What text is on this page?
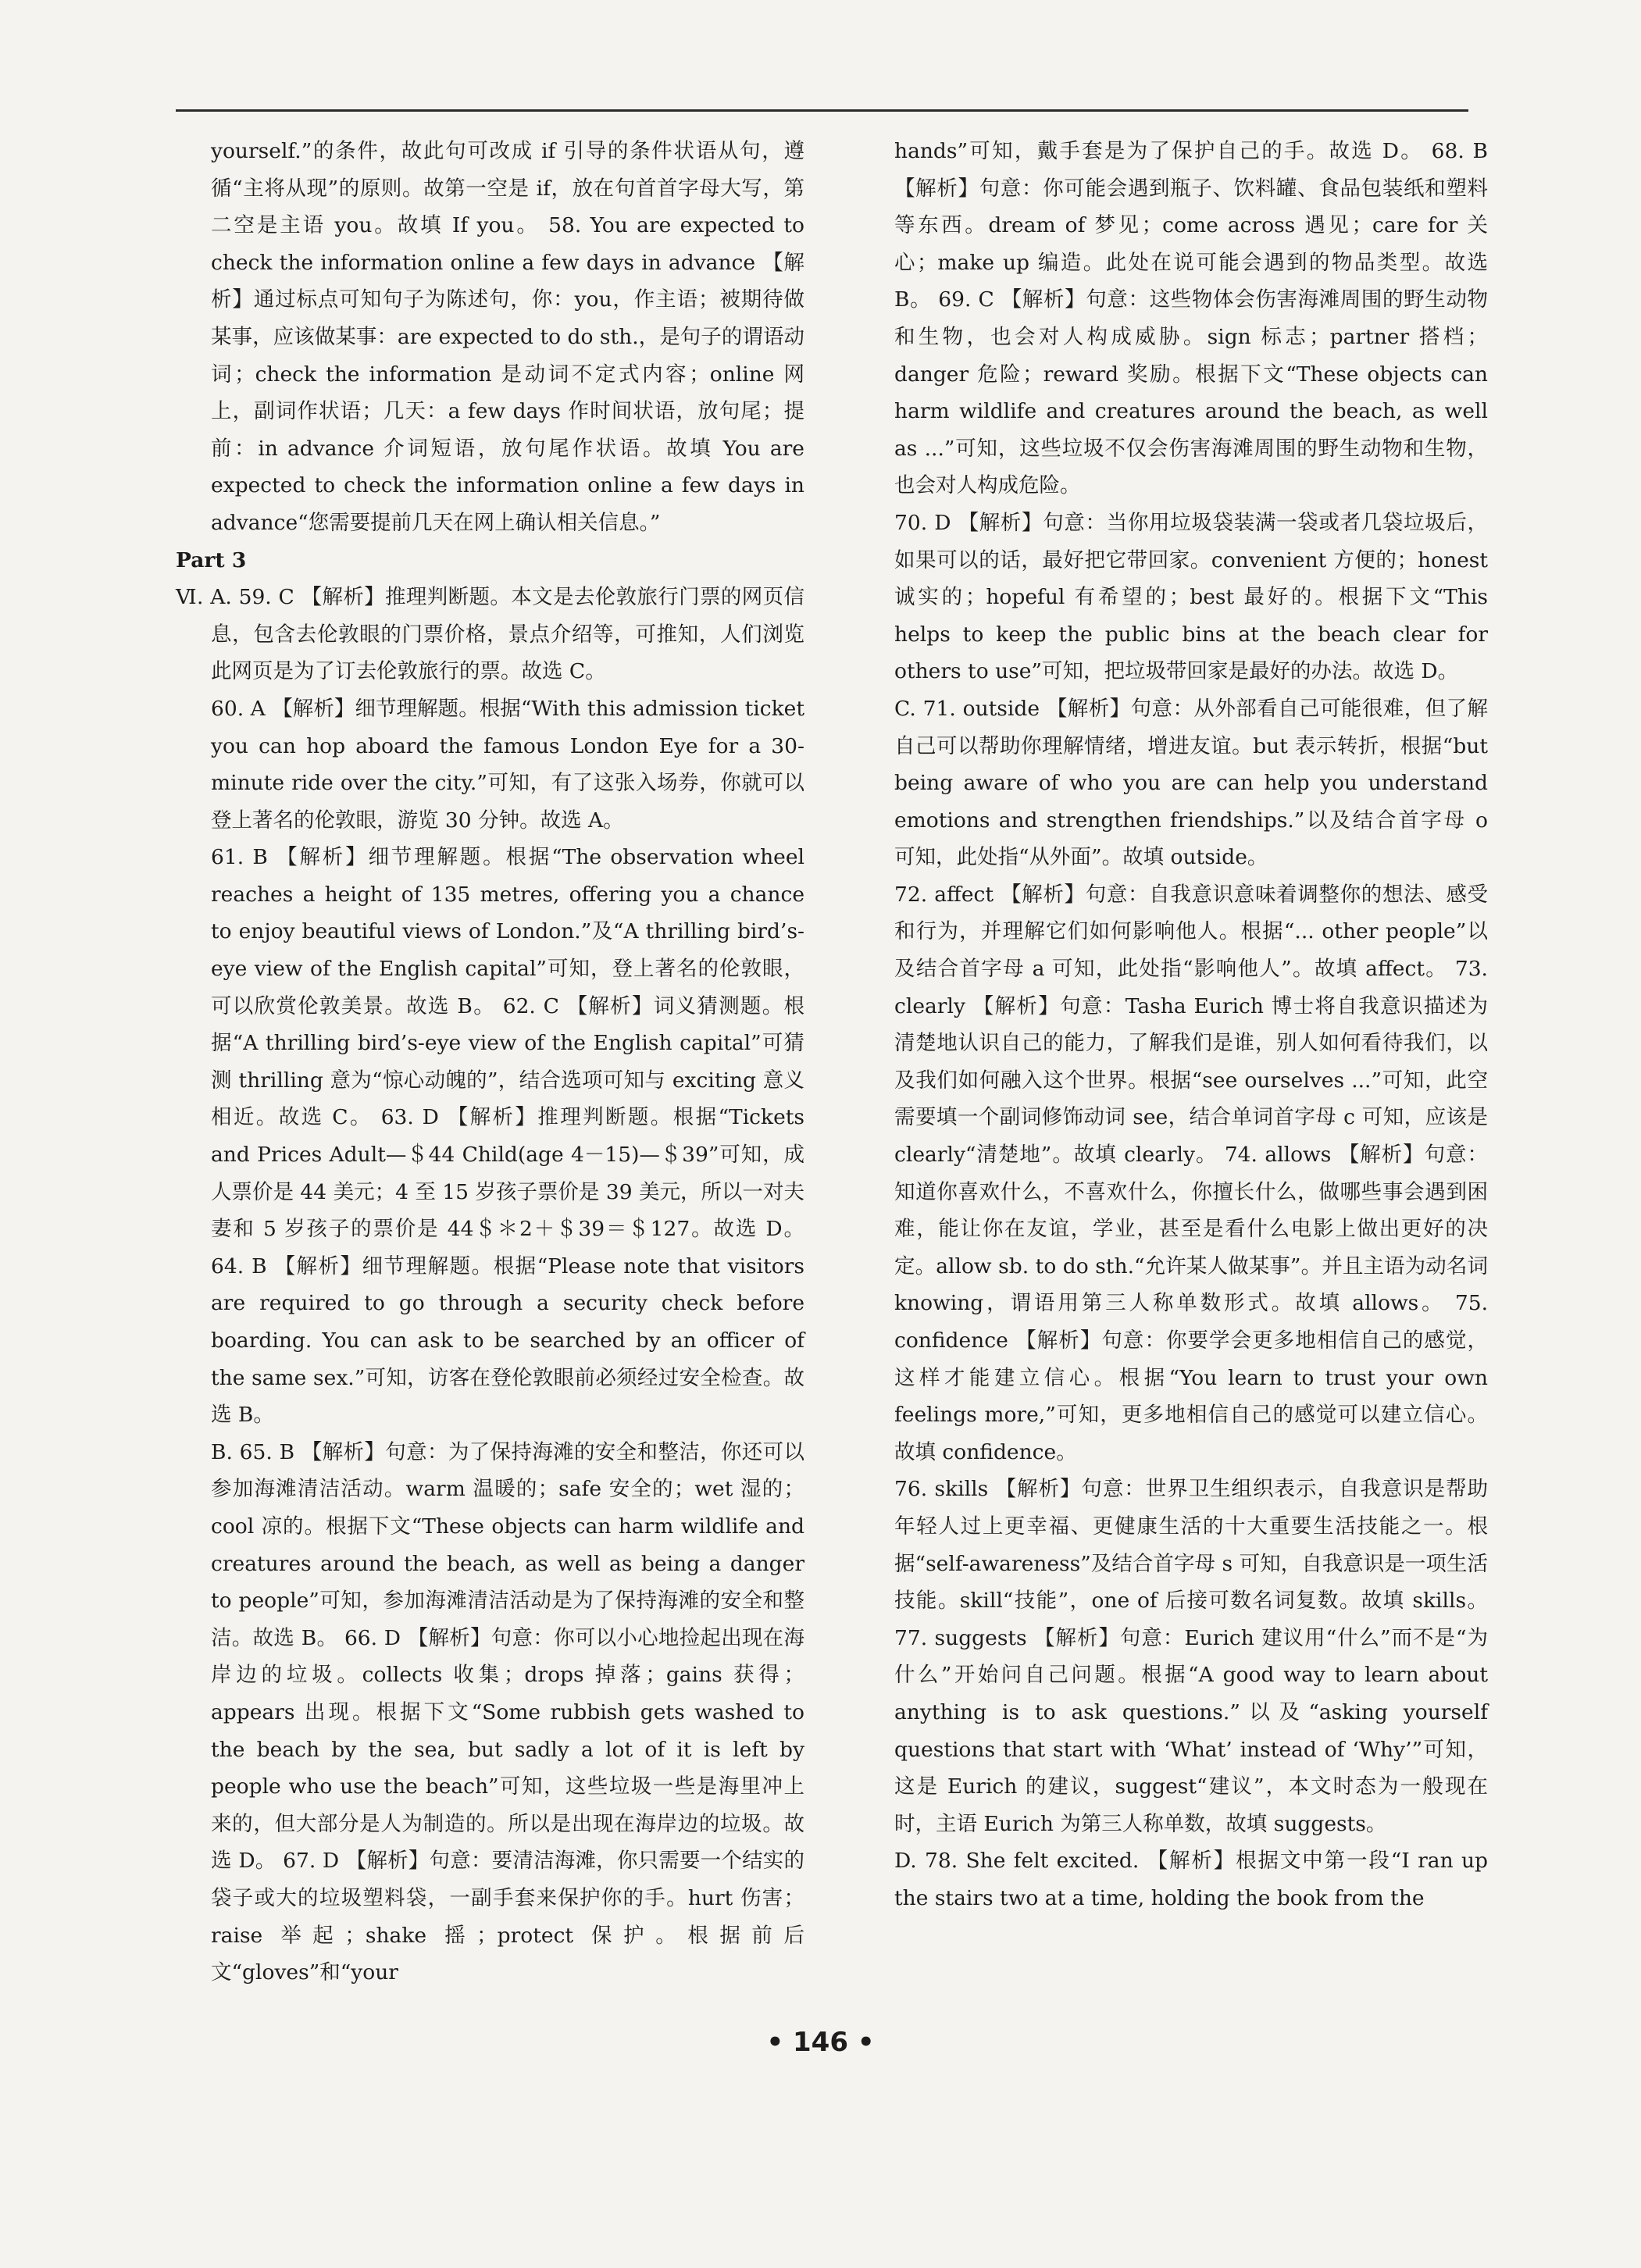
yourself.”的条件，故此句可改成 if 引导的条件状语从句，遵循“主将从现”的原则。故第一空是 if，放在句首首字母大写，第二空是主语 you。故填 If you。 58. You are expected to check the information online a few days in advance 【解析】通过标点可知句子为陈述句，你：you，作主语；被期待做某事，应该做某事：are expected to do sth.，是句子的谓语动词；check the information 是动词不定式内容；online 网上，副词作状语；几天：a few days 作时间状语，放句尾；提前：in advance 介词短语，放句尾作状语。故填 You are expected to check the information online a few days in advance“您需要提前几天在网上确认相关信息。”

Part 3

Ⅵ. A. 59. C 【解析】推理判断题。本文是去伦敦旅行门票的网页信息，包含去伦敦眼的门票价格，景点介绍等，可推知，人们浏览此网页是为了订去伦敦旅行的票。故选 C。

60. A 【解析】细节理解题。根据“With this admission ticket you can hop aboard the famous London Eye for a 30-minute ride over the city.”可知，有了这张入场券，你就可以登上著名的伦敦眼，游览 30 分钟。故选 A。

61. B 【解析】细节理解题。根据“The observation wheel reaches a height of 135 metres, offering you a chance to enjoy beautiful views of London.”及“A thrilling bird’s-eye view of the English capital”可知，登上著名的伦敦眼，可以欣赏伦敦美景。故选 B。 62. C 【解析】词义猜测题。根据“A thrilling bird’s-eye view of the English capital”可猜测 thrilling 意为“惊心动魄的”，结合选项可知与 exciting 意义相近。故选 C。 63. D 【解析】推理判断题。根据“Tickets and Prices Adult—＄44 Child(age 4－15)—＄39”可知，成人票价是 44 美元；4 至 15 岁孩子票价是 39 美元，所以一对夫妻和 5 岁孩子的票价是 44＄＊2＋＄39＝＄127。故选 D。 64. B 【解析】细节理解题。根据“Please note that visitors are required to go through a security check before boarding. You can ask to be searched by an officer of the same sex.”可知，访客在登伦敦眼前必须经过安全检查。故选 B。

B. 65. B 【解析】句意：为了保持海滩的安全和整洁，你还可以参加海滩清洁活动。warm 温暖的；safe 安全的；wet 湿的；cool 凉的。根据下文“These objects can harm wildlife and creatures around the beach, as well as being a danger to people”可知，参加海滩清洁活动是为了保持海滩的安全和整洁。故选 B。 66. D 【解析】句意：你可以小心地捡起出现在海岸边的垃圾。collects 收集；drops 掉落；gains 获得；appears 出现。根据下文“Some rubbish gets washed to the beach by the sea, but sadly a lot of it is left by people who use the beach”可知，这些垃圾一些是海里冲上来的，但大部分是人为制造的。所以是出现在海岸边的垃圾。故选 D。 67. D 【解析】句意：要清洁海滩，你只需要一个结实的袋子或大的垃圾塑料袋，一副手套来保护你的手。hurt 伤害；raise 举起；shake 摇；protect 保护。根据前后文“gloves”和“your

hands”可知，戴手套是为了保护自己的手。故选 D。 68. B 【解析】句意：你可能会遇到瓶子、饮料罐、食品包装纸和塑料等东西。dream of 梦见；come across 遇见；care for 关心；make up 编造。此处在说可能会遇到的物品类型。故选 B。 69. C 【解析】句意：这些物体会伤害海滩周围的野生动物和生物，也会对人构成威胁。sign 标志；partner 搭档；danger 危险；reward 奖励。根据下文“These objects can harm wildlife and creatures around the beach, as well as ...”可知，这些垃圾不仅会伤害海滩周围的野生动物和生物，也会对人构成危险。

70. D 【解析】句意：当你用垃圾袋装满一袋或者几袋垃圾后，如果可以的话，最好把它带回家。convenient 方便的；honest 诚实的；hopeful 有希望的；best 最好的。根据下文“This helps to keep the public bins at the beach clear for others to use”可知，把垃圾带回家是最好的办法。故选 D。

C. 71. outside 【解析】句意：从外部看自己可能很难，但了解自己可以帮助你理解情绪，增进友谊。but 表示转折，根据“but being aware of who you are can help you understand emotions and strengthen friendships.”以及结合首字母 o 可知，此处指“从外面”。故填 outside。

72. affect 【解析】句意：自我意识意味着调整你的想法、感受和行为，并理解它们如何影响他人。根据“... other people”以及结合首字母 a 可知，此处指“影响他人”。故填 affect。 73. clearly 【解析】句意：Tasha Eurich 博士将自我意识描述为清楚地认识自己的能力，了解我们是谁，别人如何看待我们，以及我们如何融入这个世界。根据“see ourselves ...”可知，此空需要填一个副词修饰动词 see，结合单词首字母 c 可知，应该是 clearly“清楚地”。故填 clearly。 74. allows 【解析】句意：知道你喜欢什么，不喜欢什么，你擅长什么，做哪些事会遇到困难，能让你在友谊，学业，甚至是看什么电影上做出更好的决定。allow sb. to do sth.“允许某人做某事”。并且主语为动名词 knowing，谓语用第三人称单数形式。故填 allows。 75. confidence 【解析】句意：你要学会更多地相信自己的感觉，这样才能建立信心。根据“You learn to trust your own feelings more,”可知，更多地相信自己的感觉可以建立信心。故填 confidence。

76. skills 【解析】句意：世界卫生组织表示，自我意识是帮助年轻人过上更幸福、更健康生活的十大重要生活技能之一。根据“self-awareness”及结合首字母 s 可知，自我意识是一项生活技能。skill“技能”，one of 后接可数名词复数。故填 skills。 77. suggests 【解析】句意：Eurich 建议用“什么”而不是“为什么”开始问自己问题。根据“A good way to learn about anything is to ask questions.”以及“asking yourself questions that start with ‘What’ instead of ‘Why’”可知，这是 Eurich 的建议，suggest“建议”，本文时态为一般现在时，主语 Eurich 为第三人称单数，故填 suggests。

D. 78. She felt excited. 【解析】根据文中第一段“I ran up the stairs two at a time, holding the book from the

• 146 •
